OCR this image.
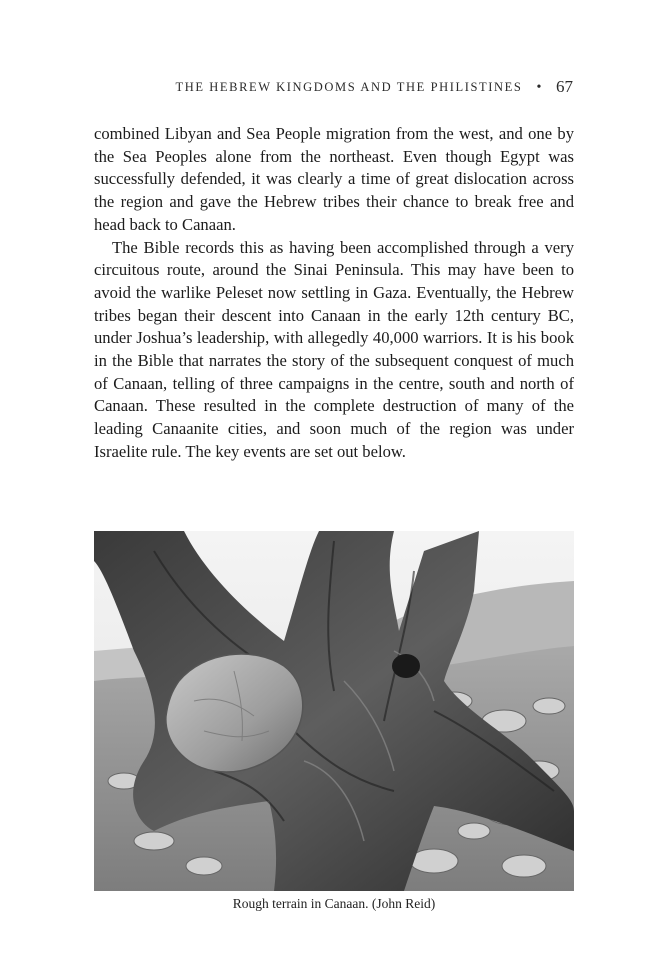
THE HEBREW KINGDOMS AND THE PHILISTINES • 67

combined Libyan and Sea People migration from the west, and one by the Sea Peoples alone from the northeast. Even though Egypt was successfully defended, it was clearly a time of great dislocation across the region and gave the Hebrew tribes their chance to break free and head back to Canaan.

The Bible records this as having been accomplished through a very circuitous route, around the Sinai Peninsula. This may have been to avoid the warlike Peleset now settling in Gaza. Eventually, the Hebrew tribes began their descent into Canaan in the early 12th century BC, under Joshua’s leadership, with allegedly 40,000 warriors. It is his book in the Bible that narrates the story of the subsequent conquest of much of Canaan, telling of three campaigns in the centre, south and north of Canaan. These resulted in the complete destruction of many of the leading Canaanite cities, and soon much of the region was under Israelite rule. The key events are set out below.

Rough terrain in Canaan. (John Reid)
